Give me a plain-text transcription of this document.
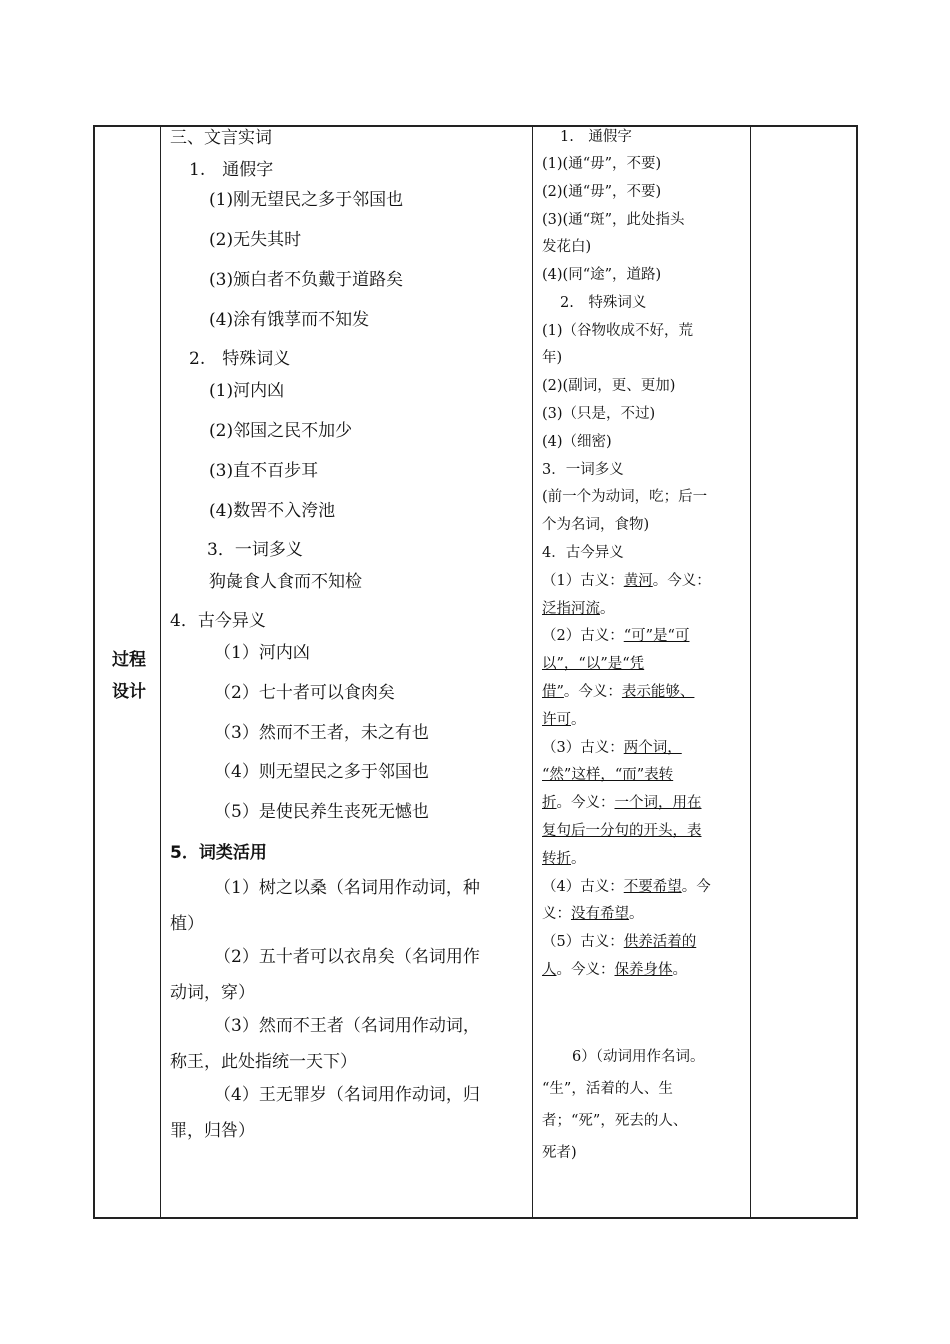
过程
设计
三、文言实词
1.　通假字
(1)刚无望民之多于邻国也
(2)无失其时
(3)颁白者不负戴于道路矣
(4)涂有饿莩而不知发
2.　特殊词义
(1)河内凶
(2)邻国之民不加少
(3)直不百步耳
(4)数罟不入洿池
3．一词多义
狗彘食人食而不知检
4．古今异义
（1）河内凶
（2）七十者可以食肉矣
（3）然而不王者，未之有也
（4）则无望民之多于邻国也
（5）是使民养生丧死无憾也
5．词类活用
（1）树之以桑（名词用作动词，种
植）
（2）五十者可以衣帛矣（名词用作
动词，穿）
（3）然而不王者（名词用作动词，
称王，此处指统一天下）
（4）王无罪岁（名词用作动词，归
罪，归咎）
1.　通假字
(1)(通“毋”，不要)
(2)(通“毋”，不要)
(3)(通“斑”，此处指头
发花白)
(4)(同“途”，道路)
2.　特殊词义
(1)（谷物收成不好，荒
年)
(2)(副词，更、更加)
(3)（只是，不过)
(4)（细密)
3．一词多义
(前一个为动词，吃；后一
个为名词，食物)
4．古今异义
（1）古义：黄河。今义：
泛指河流。
（2）古义：“可”是“可
以”，“以”是“凭
借”。今义：表示能够、
许可。
（3）古义：两个词，
“然”这样，“而”表转
折。今义：一个词，用在
复句后一分句的开头，表
转折。
（4）古义：不要希望。今
义：没有希望。
（5）古义：供养活着的
人。今义：保养身体。
6）（动词用作名词。
“生”，活着的人、生
者；“死”，死去的人、
死者)
